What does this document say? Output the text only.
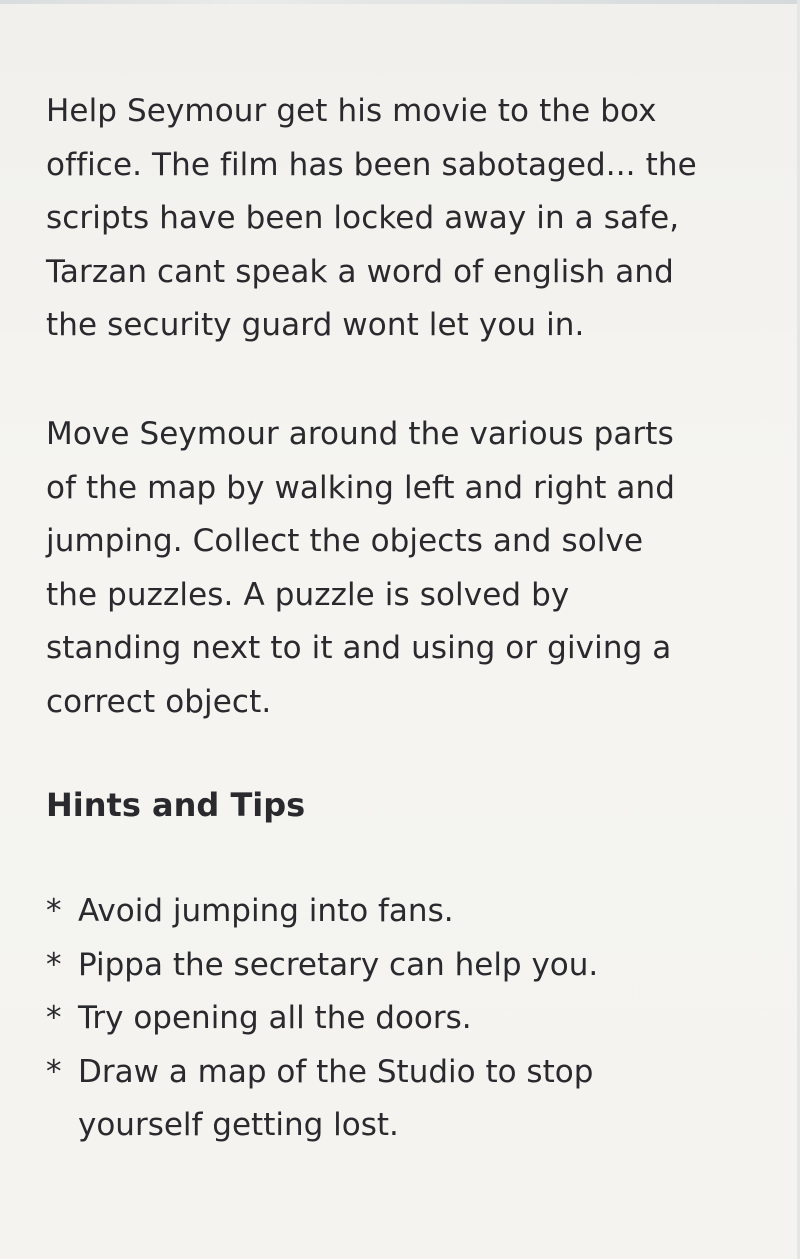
Help Seymour get his movie to the box
office. The film has been sabotaged... the
scripts have been locked away in a safe,
Tarzan cant speak a word of english and
the security guard wont let you in.

Move Seymour around the various parts
of the map by walking left and right and
jumping. Collect the objects and solve
the puzzles. A puzzle is solved by
standing next to it and using or giving a
correct object.

Hints and Tips
* Avoid jumping into fans.
* Pippa the secretary can help you.
* Try opening all the doors.
* Draw a map of the Studio to stop
yourself getting lost.
